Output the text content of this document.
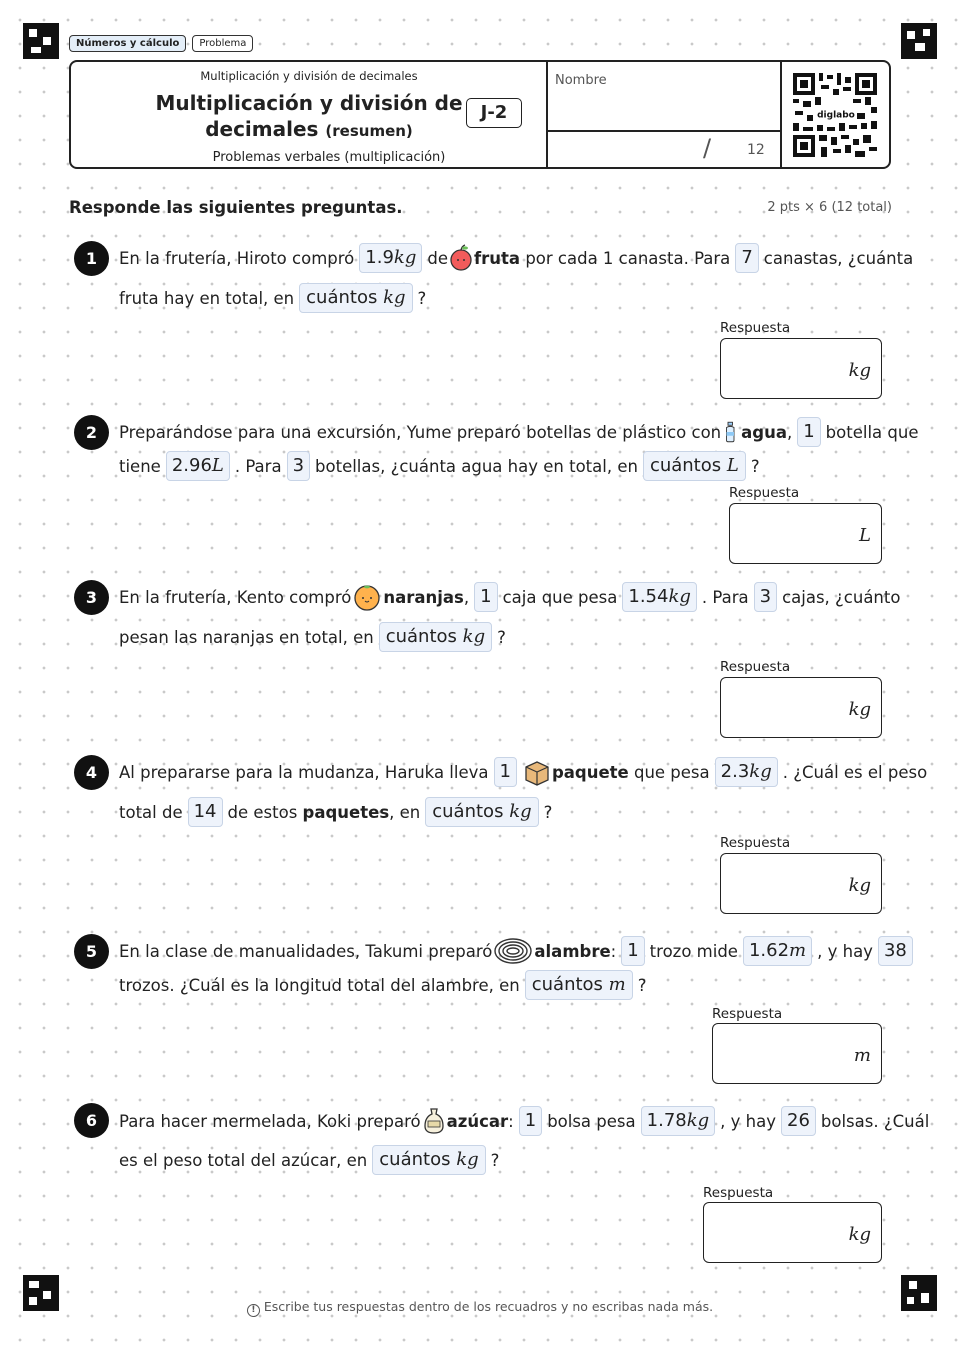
Números y cálculo	Problema
Multiplicación y división de decimales
Multiplicación y división de
decimales (resumen)
Problemas verbales (multiplicación)
J-2
Nombre
/	12
diglabo
Responde las siguientes preguntas.	2 pts × 6 (12 total)
1	En la frutería, Hiroto compró 1.9kg de fruta
por cada 1 canasta. Para 7 canastas, ¿cuánta
fruta hay en total, en cuántos kg ?
Respuesta
kg
2	Preparándose para una excursión, Yume preparó botellas de plástico con agua , 1 botella que
tiene 2.96L . Para 3 botellas, ¿cuánta agua hay en total, en cuántos L ?
Respuesta
L
3	En la frutería, Kento compró naranjas , 1 caja que pesa 1.54kg . Para 3 cajas, ¿cuánto
pesan las naranjas en total, en cuántos kg ?
Respuesta
kg
4	Al prepararse para la mudanza, Haruka lleva 1	paquete
que pesa 2.3kg . ¿Cuál es el peso
total de 14 de estos
paquetes , en cuántos kg ?
Respuesta
kg
5	En la clase de manualidades, Takumi preparó	alambre : 1 trozo mide 1.62m , y hay 38
trozos. ¿Cuál es la longitud total del alambre, en cuántos m ?
Respuesta
m
6	Para hacer mermelada, Koki preparó azúcar : 1 bolsa pesa 1.78kg , y hay 26 bolsas. ¿Cuál
es el peso total del azúcar, en cuántos kg ?
Respuesta
kg
! Escribe tus respuestas dentro de los recuadros y no escribas nada más.
